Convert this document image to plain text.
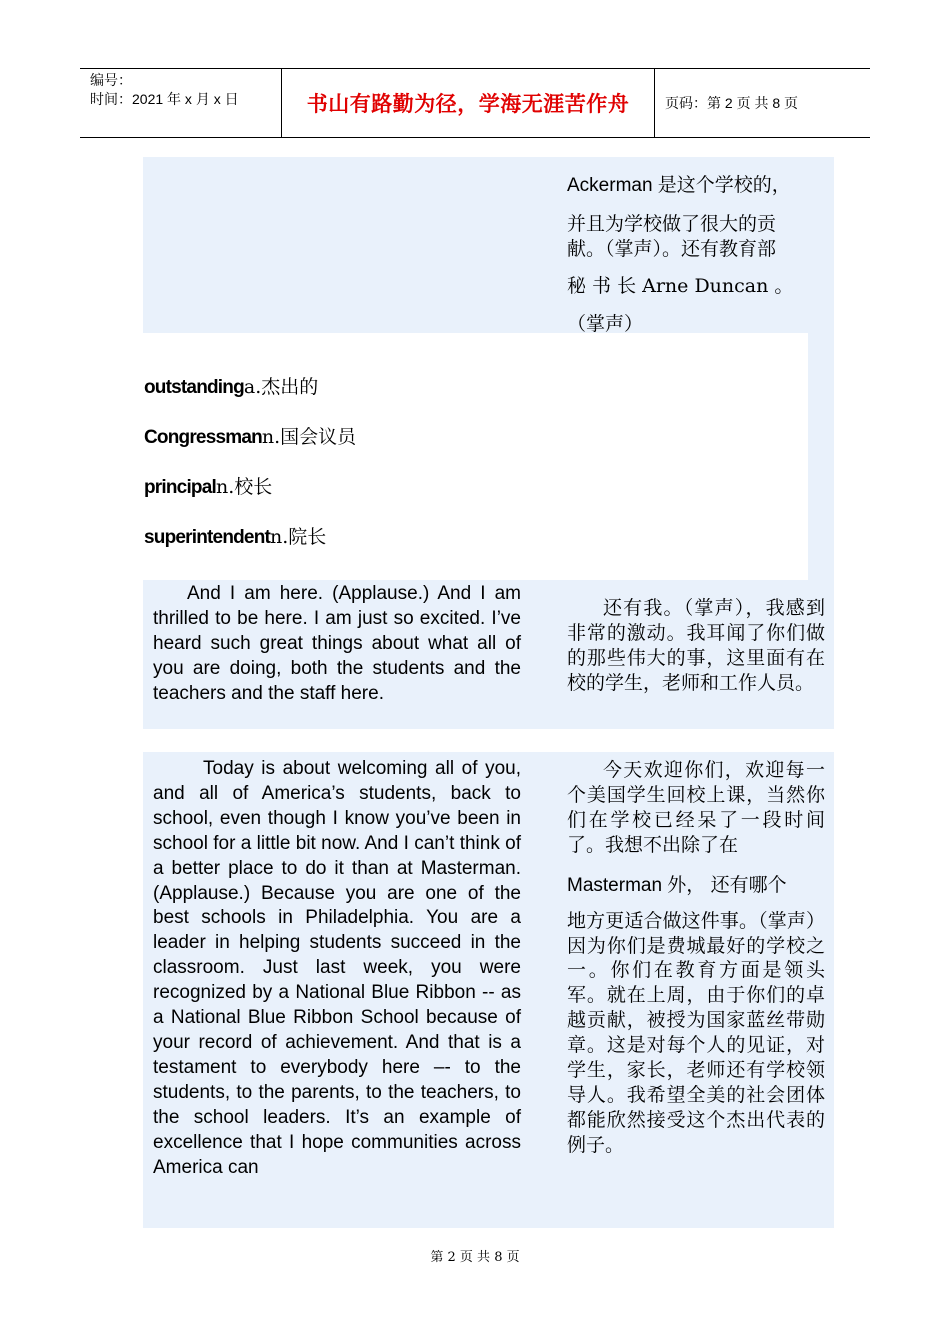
编号：
时间：2021 年 x 月 x 日	书山有路勤为径，学海无涯苦作舟	页码：第 2 页 共 8 页
Ackerman 是这个学校的，
并且为学校做了很大的贡
献。（掌声）。还有教育部
秘 书 长 Arne Duncan 。
（掌声）
outstandinga.杰出的
Congressmann.国会议员
principaln.校长
superintendentn.院长
And I am here. (Applause.) And I am thrilled to be here. I am just so excited. I’ve heard such great things about what all of you are doing, both the students and the teachers and the staff here.
还有我。（掌声），我感到非常的激动。我耳闻了你们做的那些伟大的事，这里面有在校的学生，老师和工作人员。
Today is about welcoming all of you, and all of America’s students, back to school, even though I know you’ve been in school for a little bit now. And I can’t think of a better place to do it than at Masterman. (Applause.) Because you are one of the best schools in Philadelphia. You are a leader in helping students succeed in the classroom. Just last week, you were recognized by a National Blue Ribbon -- as a National Blue Ribbon School because of your record of achievement. And that is a testament to everybody here –- to the students, to the parents, to the teachers, to the school leaders. It’s an example of excellence that I hope communities across America can
今天欢迎你们，欢迎每一个美国学生回校上课，当然你们在学校已经呆了一段时间了。我想不出除了在
Masterman 外， 还有哪个
地方更适合做这件事。（掌声）因为你们是费城最好的学校之一。你们在教育方面是领头军。就在上周，由于你们的卓越贡献，被授为国家蓝丝带勋章。这是对每个人的见证，对学生，家长，老师还有学校领导人。我希望全美的社会团体都能欣然接受这个杰出代表的例子。
第 2 页 共 8 页
